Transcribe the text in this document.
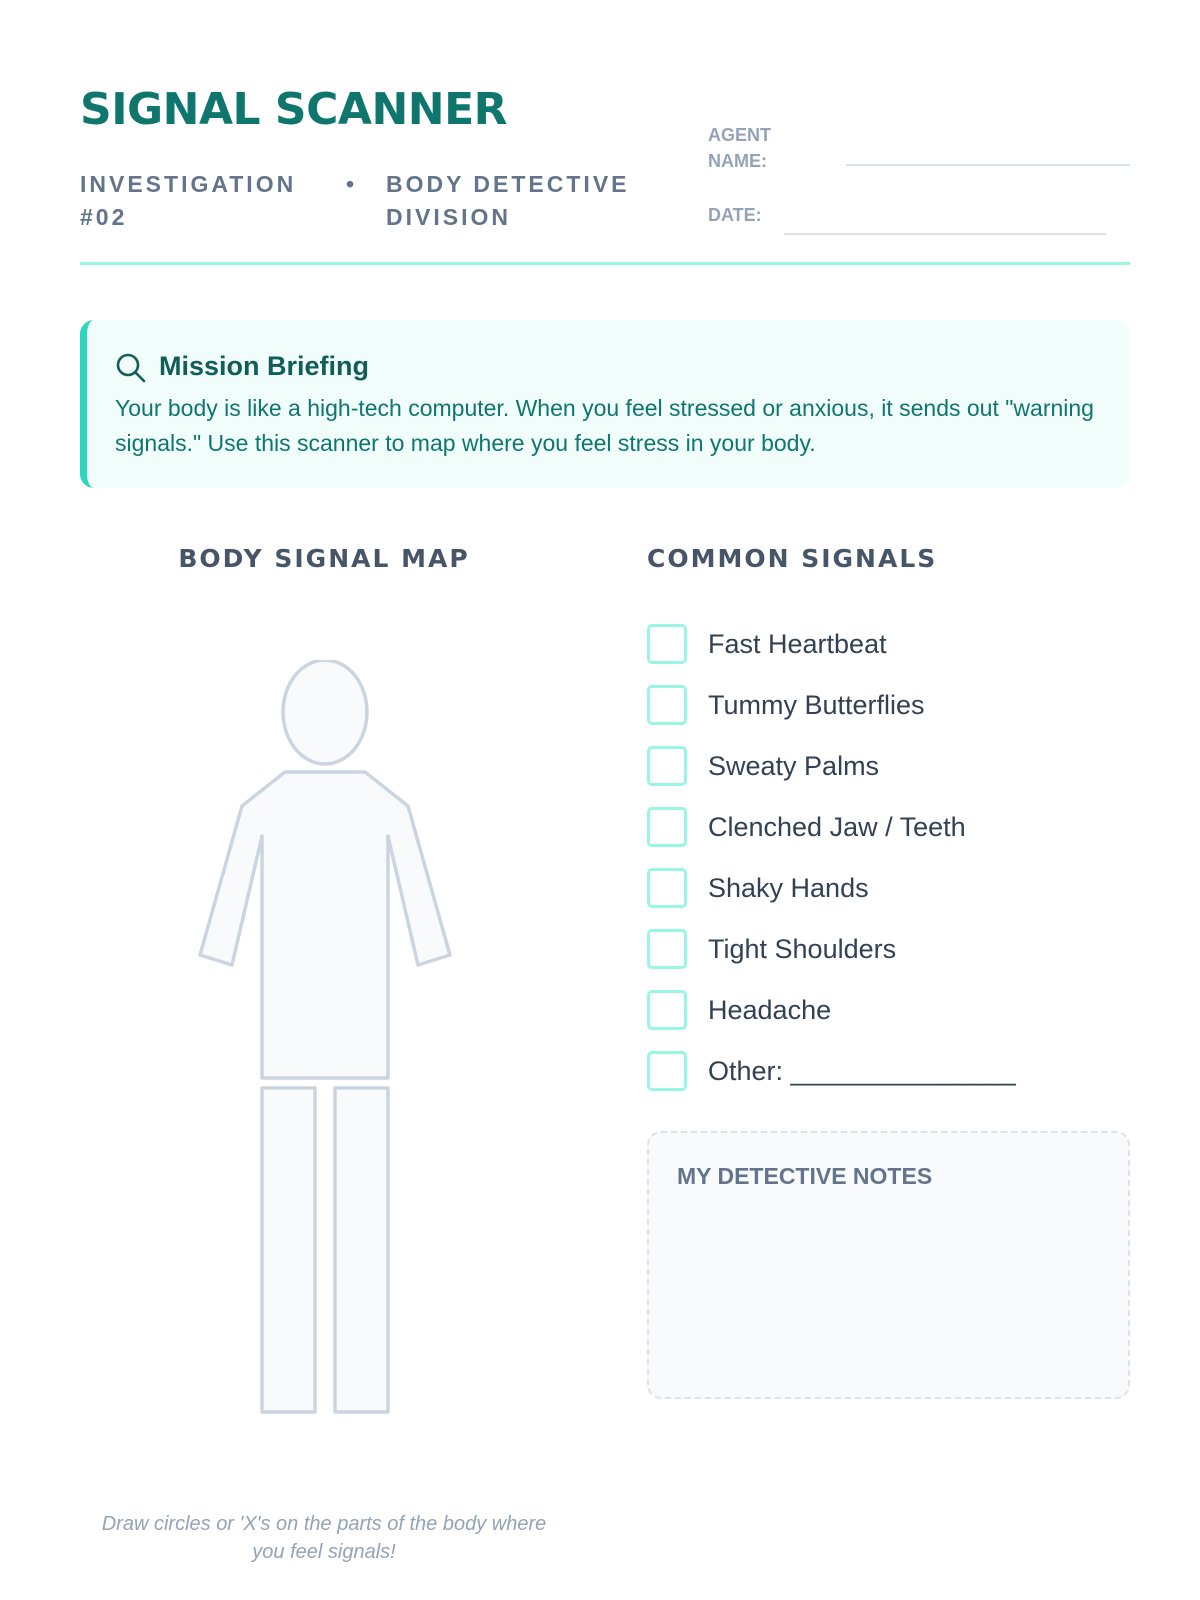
SIGNAL SCANNER
INVESTIGATION #02
•	BODY DETECTIVE DIVISION
AGENT NAME:
DATE:
Mission Briefing
Your body is like a high-tech computer. When you feel stressed or anxious, it sends out "warning signals." Use this scanner to map where you feel stress in your body.
BODY SIGNAL MAP
Draw circles or 'X's on the parts of the body where you feel signals!
COMMON SIGNALS
Fast Heartbeat
Tummy Butterflies
Sweaty Palms
Clenched Jaw / Teeth
Shaky Hands
Tight Shoulders
Headache
Other: _______________
MY DETECTIVE NOTES
